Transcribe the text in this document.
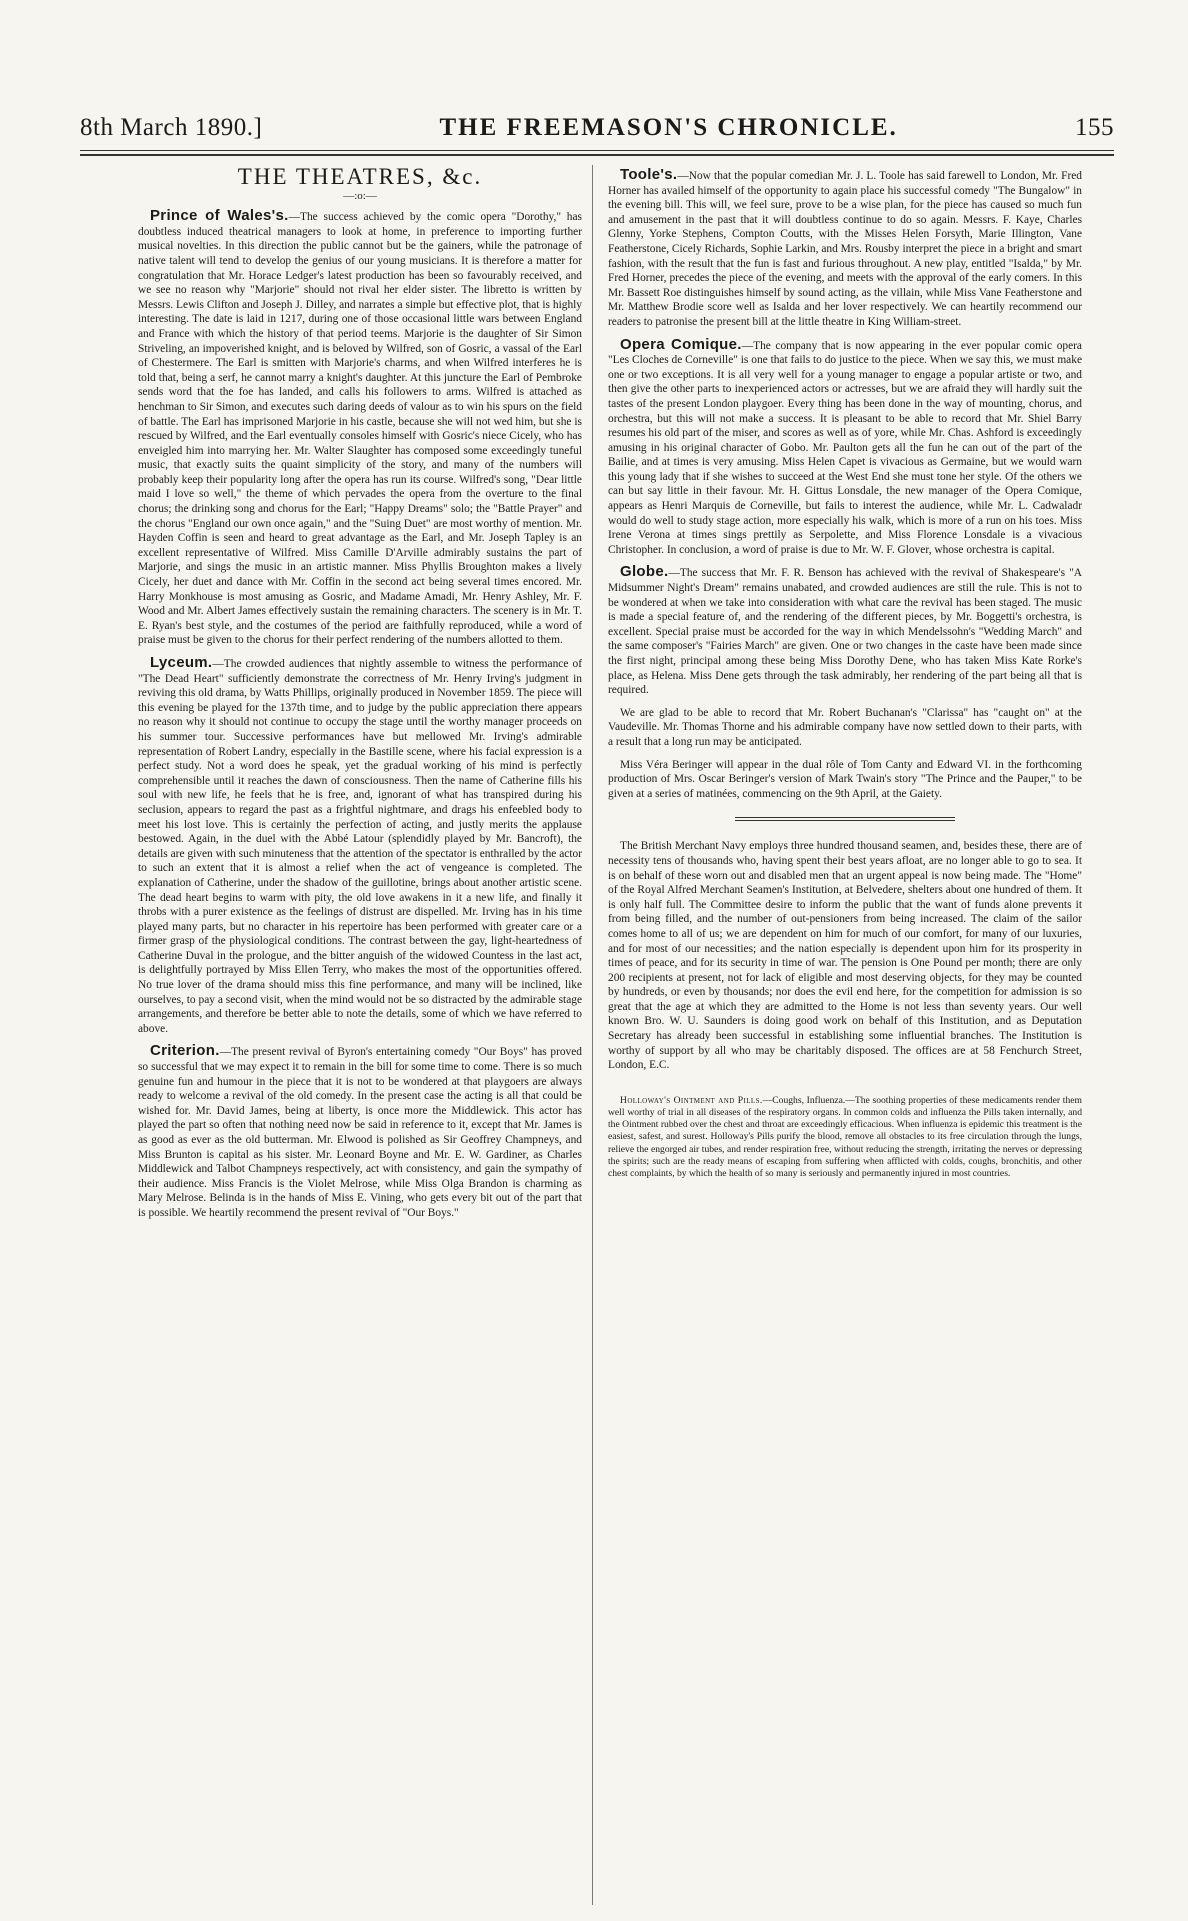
8th March 1890.]	THE FREEMASON'S CHRONICLE.	155
THE THEATRES, &c.
—:o:—

Prince of Wales's.—The success achieved by the comic opera "Dorothy," has doubtless induced theatrical managers to look at home, in preference to importing further musical novelties. In this direction the public cannot but be the gainers, while the patronage of native talent will tend to develop the genius of our young musicians. It is therefore a matter for congratulation that Mr. Horace Ledger's latest production has been so favourably received, and we see no reason why "Marjorie" should not rival her elder sister. The libretto is written by Messrs. Lewis Clifton and Joseph J. Dilley, and narrates a simple but effective plot, that is highly interesting. The date is laid in 1217, during one of those occasional little wars between England and France with which the history of that period teems. Marjorie is the daughter of Sir Simon Striveling, an impoverished knight, and is beloved by Wilfred, son of Gosric, a vassal of the Earl of Chestermere. The Earl is smitten with Marjorie's charms, and when Wilfred interferes he is told that, being a serf, he cannot marry a knight's daughter. At this juncture the Earl of Pembroke sends word that the foe has landed, and calls his followers to arms. Wilfred is attached as henchman to Sir Simon, and executes such daring deeds of valour as to win his spurs on the field of battle. The Earl has imprisoned Marjorie in his castle, because she will not wed him, but she is rescued by Wilfred, and the Earl eventually consoles himself with Gosric's niece Cicely, who has enveigled him into marrying her. Mr. Walter Slaughter has composed some exceedingly tuneful music, that exactly suits the quaint simplicity of the story, and many of the numbers will probably keep their popularity long after the opera has run its course. Wilfred's song, "Dear little maid I love so well," the theme of which pervades the opera from the overture to the final chorus; the drinking song and chorus for the Earl; "Happy Dreams" solo; the "Battle Prayer" and the chorus "England our own once again," and the "Suing Duet" are most worthy of mention. Mr. Hayden Coffin is seen and heard to great advantage as the Earl, and Mr. Joseph Tapley is an excellent representative of Wilfred. Miss Camille D'Arville admirably sustains the part of Marjorie, and sings the music in an artistic manner. Miss Phyllis Broughton makes a lively Cicely, her duet and dance with Mr. Coffin in the second act being several times encored. Mr. Harry Monkhouse is most amusing as Gosric, and Madame Amadi, Mr. Henry Ashley, Mr. F. Wood and Mr. Albert James effectively sustain the remaining characters. The scenery is in Mr. T. E. Ryan's best style, and the costumes of the period are faithfully reproduced, while a word of praise must be given to the chorus for their perfect rendering of the numbers allotted to them.

Lyceum.—The crowded audiences that nightly assemble to witness the performance of "The Dead Heart" sufficiently demonstrate the correctness of Mr. Henry Irving's judgment in reviving this old drama, by Watts Phillips, originally produced in November 1859. The piece will this evening be played for the 137th time, and to judge by the public appreciation there appears no reason why it should not continue to occupy the stage until the worthy manager proceeds on his summer tour. Successive performances have but mellowed Mr. Irving's admirable representation of Robert Landry, especially in the Bastille scene, where his facial expression is a perfect study. Not a word does he speak, yet the gradual working of his mind is perfectly comprehensible until it reaches the dawn of consciousness. Then the name of Catherine fills his soul with new life, he feels that he is free, and, ignorant of what has transpired during his seclusion, appears to regard the past as a frightful nightmare, and drags his enfeebled body to meet his lost love. This is certainly the perfection of acting, and justly merits the applause bestowed. Again, in the duel with the Abbé Latour (splendidly played by Mr. Bancroft), the details are given with such minuteness that the attention of the spectator is enthralled by the actor to such an extent that it is almost a relief when the act of vengeance is completed. The explanation of Catherine, under the shadow of the guillotine, brings about another artistic scene. The dead heart begins to warm with pity, the old love awakens in it a new life, and finally it throbs with a purer existence as the feelings of distrust are dispelled. Mr. Irving has in his time played many parts, but no character in his repertoire has been performed with greater care or a firmer grasp of the physiological conditions. The contrast between the gay, light-heartedness of Catherine Duval in the prologue, and the bitter anguish of the widowed Countess in the last act, is delightfully portrayed by Miss Ellen Terry, who makes the most of the opportunities offered. No true lover of the drama should miss this fine performance, and many will be inclined, like ourselves, to pay a second visit, when the mind would not be so distracted by the admirable stage arrangements, and therefore be better able to note the details, some of which we have referred to above.

Criterion.—The present revival of Byron's entertaining comedy "Our Boys" has proved so successful that we may expect it to remain in the bill for some time to come. There is so much genuine fun and humour in the piece that it is not to be wondered at that playgoers are always ready to welcome a revival of the old comedy. In the present case the acting is all that could be wished for. Mr. David James, being at liberty, is once more the Middlewick. This actor has played the part so often that nothing need now be said in reference to it, except that Mr. James is as good as ever as the old butterman. Mr. Elwood is polished as Sir Geoffrey Champneys, and Miss Brunton is capital as his sister. Mr. Leonard Boyne and Mr. E. W. Gardiner, as Charles Middlewick and Talbot Champneys respectively, act with consistency, and gain the sympathy of their audience. Miss Francis is the Violet Melrose, while Miss Olga Brandon is charming as Mary Melrose. Belinda is in the hands of Miss E. Vining, who gets every bit out of the part that is possible. We heartily recommend the present revival of "Our Boys."

Toole's.—Now that the popular comedian Mr. J. L. Toole has said farewell to London, Mr. Fred Horner has availed himself of the opportunity to again place his successful comedy "The Bungalow" in the evening bill. This will, we feel sure, prove to be a wise plan, for the piece has caused so much fun and amusement in the past that it will doubtless continue to do so again. Messrs. F. Kaye, Charles Glenny, Yorke Stephens, Compton Coutts, with the Misses Helen Forsyth, Marie Illington, Vane Featherstone, Cicely Richards, Sophie Larkin, and Mrs. Rousby interpret the piece in a bright and smart fashion, with the result that the fun is fast and furious throughout. A new play, entitled "Isalda," by Mr. Fred Horner, precedes the piece of the evening, and meets with the approval of the early comers. In this Mr. Bassett Roe distinguishes himself by sound acting, as the villain, while Miss Vane Featherstone and Mr. Matthew Brodie score well as Isalda and her lover respectively. We can heartily recommend our readers to patronise the present bill at the little theatre in King William-street.

Opera Comique.—The company that is now appearing in the ever popular comic opera "Les Cloches de Corneville" is one that fails to do justice to the piece. When we say this, we must make one or two exceptions. It is all very well for a young manager to engage a popular artiste or two, and then give the other parts to inexperienced actors or actresses, but we are afraid they will hardly suit the tastes of the present London playgoer. Every thing has been done in the way of mounting, chorus, and orchestra, but this will not make a success. It is pleasant to be able to record that Mr. Shiel Barry resumes his old part of the miser, and scores as well as of yore, while Mr. Chas. Ashford is exceedingly amusing in his original character of Gobo. Mr. Paulton gets all the fun he can out of the part of the Bailie, and at times is very amusing. Miss Helen Capet is vivacious as Germaine, but we would warn this young lady that if she wishes to succeed at the West End she must tone her style. Of the others we can but say little in their favour. Mr. H. Gittus Lonsdale, the new manager of the Opera Comique, appears as Henri Marquis de Corneville, but fails to interest the audience, while Mr. L. Cadwaladr would do well to study stage action, more especially his walk, which is more of a run on his toes. Miss Irene Verona at times sings prettily as Serpolette, and Miss Florence Lonsdale is a vivacious Christopher. In conclusion, a word of praise is due to Mr. W. F. Glover, whose orchestra is capital.

Globe.—The success that Mr. F. R. Benson has achieved with the revival of Shakespeare's "A Midsummer Night's Dream" remains unabated, and crowded audiences are still the rule. This is not to be wondered at when we take into consideration with what care the revival has been staged. The music is made a special feature of, and the rendering of the different pieces, by Mr. Boggetti's orchestra, is excellent. Special praise must be accorded for the way in which Mendelssohn's "Wedding March" and the same composer's "Fairies March" are given. One or two changes in the caste have been made since the first night, principal among these being Miss Dorothy Dene, who has taken Miss Kate Rorke's place, as Helena. Miss Dene gets through the task admirably, her rendering of the part being all that is required.

We are glad to be able to record that Mr. Robert Buchanan's "Clarissa" has "caught on" at the Vaudeville. Mr. Thomas Thorne and his admirable company have now settled down to their parts, with a result that a long run may be anticipated.

Miss Véra Beringer will appear in the dual rôle of Tom Canty and Edward VI. in the forthcoming production of Mrs. Oscar Beringer's version of Mark Twain's story "The Prince and the Pauper," to be given at a series of matinées, commencing on the 9th April, at the Gaiety.

The British Merchant Navy employs three hundred thousand seamen, and, besides these, there are of necessity tens of thousands who, having spent their best years afloat, are no longer able to go to sea. It is on behalf of these worn out and disabled men that an urgent appeal is now being made. The "Home" of the Royal Alfred Merchant Seamen's Institution, at Belvedere, shelters about one hundred of them. It is only half full. The Committee desire to inform the public that the want of funds alone prevents it from being filled, and the number of out-pensioners from being increased. The claim of the sailor comes home to all of us; we are dependent on him for much of our comfort, for many of our luxuries, and for most of our necessities; and the nation especially is dependent upon him for its prosperity in times of peace, and for its security in time of war. The pension is One Pound per month; there are only 200 recipients at present, not for lack of eligible and most deserving objects, for they may be counted by hundreds, or even by thousands; nor does the evil end here, for the competition for admission is so great that the age at which they are admitted to the Home is not less than seventy years. Our well known Bro. W. U. Saunders is doing good work on behalf of this Institution, and as Deputation Secretary has already been successful in establishing some influential branches. The Institution is worthy of support by all who may be charitably disposed. The offices are at 58 Fenchurch Street, London, E.C.

Holloway's Ointment and Pills.—Coughs, Influenza.—The soothing properties of these medicaments render them well worthy of trial in all diseases of the respiratory organs. In common colds and influenza the Pills taken internally, and the Ointment rubbed over the chest and throat are exceedingly efficacious. When influenza is epidemic this treatment is the easiest, safest, and surest. Holloway's Pills purify the blood, remove all obstacles to its free circulation through the lungs, relieve the engorged air tubes, and render respiration free, without reducing the strength, irritating the nerves or depressing the spirits; such are the ready means of escaping from suffering when afflicted with colds, coughs, bronchitis, and other chest complaints, by which the health of so many is seriously and permanently injured in most countries.
